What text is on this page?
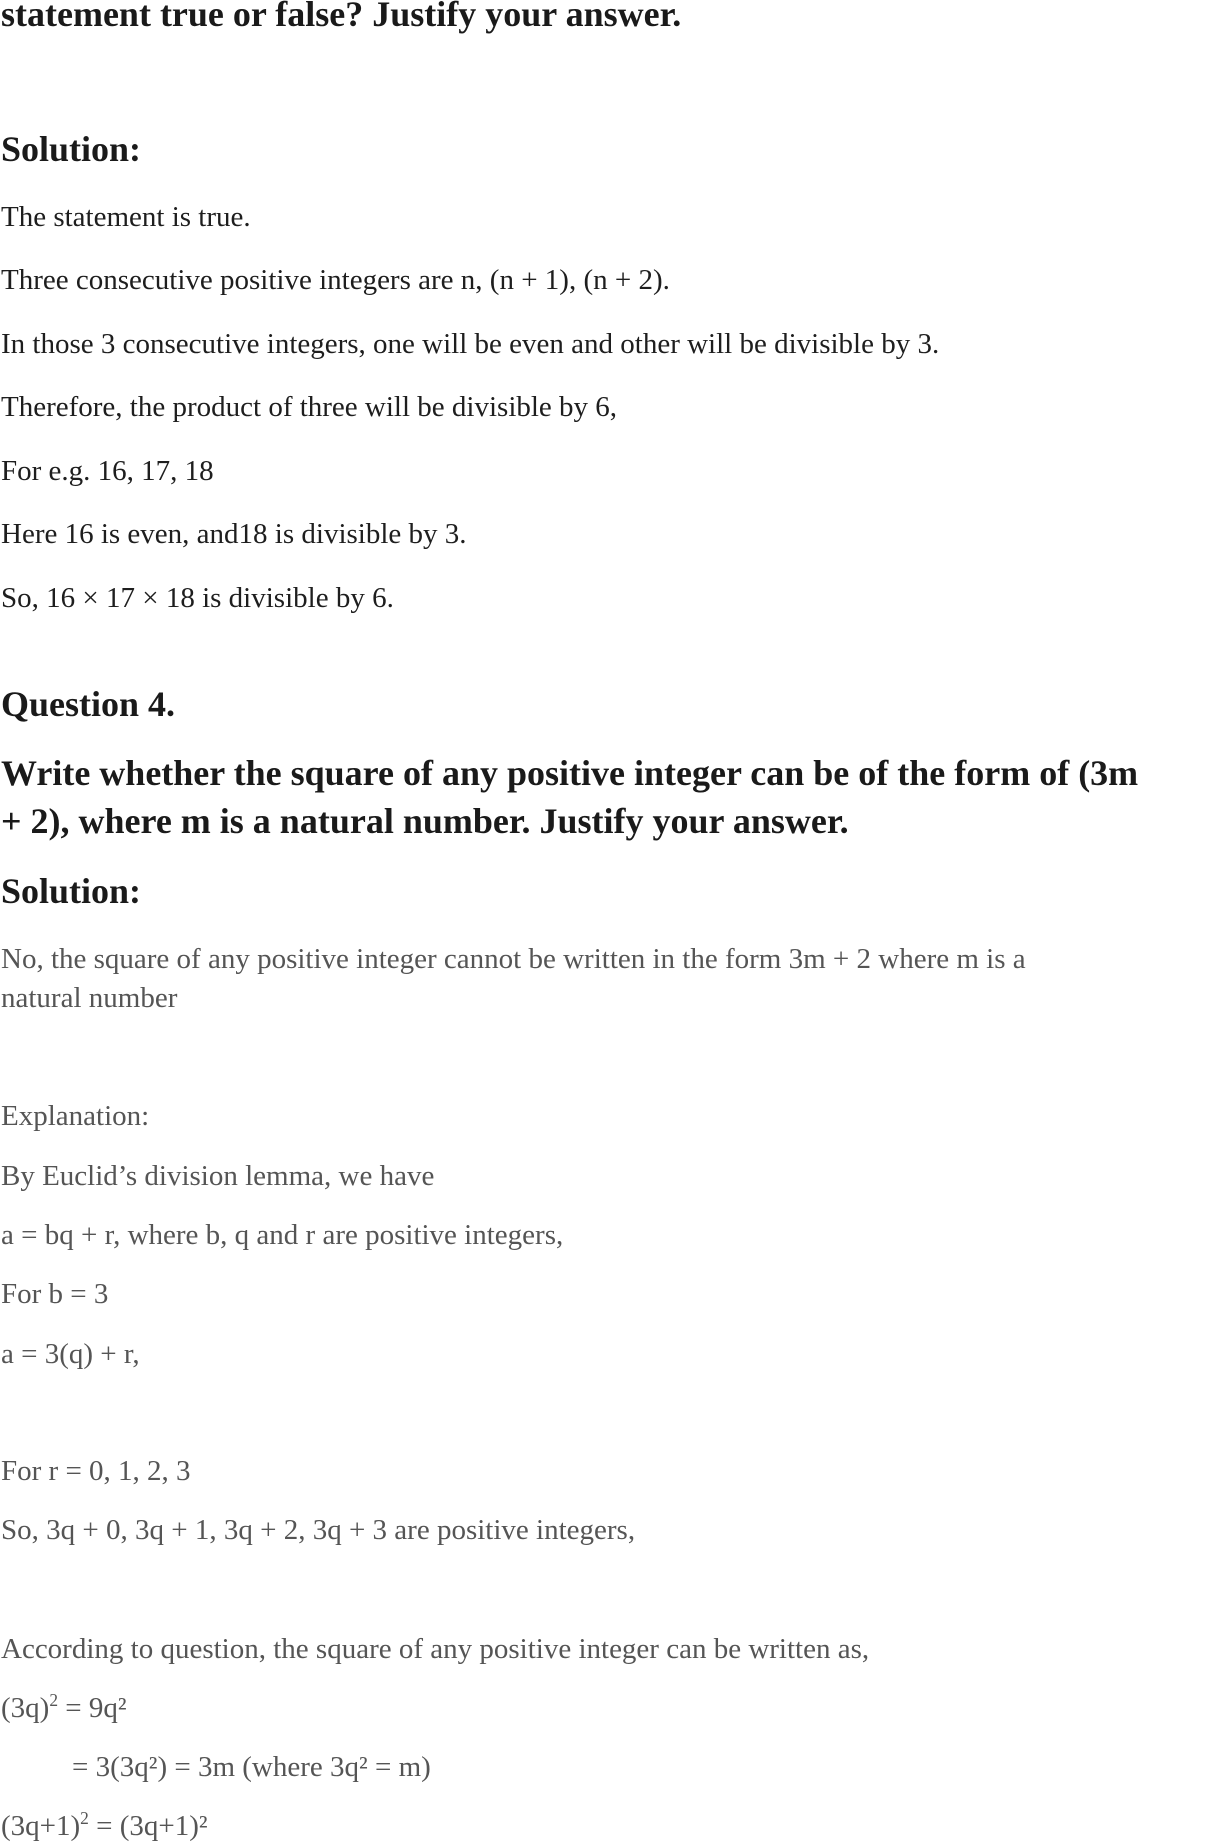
statement true or false? Justify your answer.
Solution:
The statement is true.
Three consecutive positive integers are n, (n + 1), (n + 2).
In those 3 consecutive integers, one will be even and other will be divisible by 3.
Therefore, the product of three will be divisible by 6,
For e.g. 16, 17, 18
Here 16 is even, and18 is divisible by 3.
So, 16 × 17 × 18 is divisible by 6.
Question 4.
Write whether the square of any positive integer can be of the form of (3m
+ 2), where m is a natural number. Justify your answer.
Solution:
No, the square of any positive integer cannot be written in the form 3m + 2 where m is a
natural number
Explanation:
By Euclid’s division lemma, we have
a = bq + r, where b, q and r are positive integers,
For b = 3
a = 3(q) + r,
For r = 0, 1, 2, 3
So, 3q + 0, 3q + 1, 3q + 2, 3q + 3 are positive integers,
According to question, the square of any positive integer can be written as,
$(3q)^2 = 9q^2$
= 3(3q²) = 3m (where 3q² = m)
$(3q+1)^2 = (3q+1)^2$
